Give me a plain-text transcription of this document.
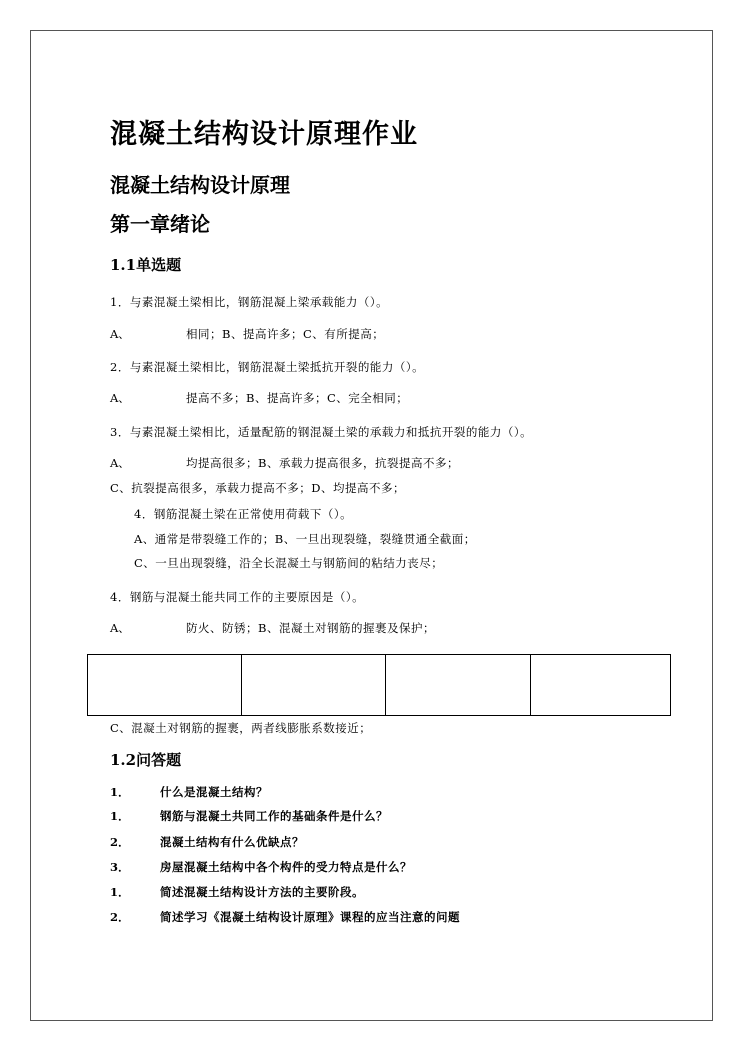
混凝土结构设计原理作业
混凝土结构设计原理
第一章绪论
1.1单选题
1．与素混凝土梁相比，钢筋混凝上梁承载能力（）。
A、	相同；B、提高许多；C、有所提高；
2．与素混凝土梁相比，钢筋混凝土梁抵抗开裂的能力（）。
A、	提高不多；B、提高许多；C、完全相同；
3．与素混凝土梁相比，适量配筋的钢混凝土梁的承载力和抵抗开裂的能力（）。
A、	均提高很多；B、承载力提高很多，抗裂提高不多；
C、抗裂提高很多，承载力提高不多；D、均提高不多；
4．钢筋混凝土梁在正常使用荷载下（）。
A、通常是带裂缝工作的；B、一旦出现裂缝，裂缝贯通全截面；
C、一旦出现裂缝，沿全长混凝土与钢筋间的粘结力丧尽；
4．钢筋与混凝土能共同工作的主要原因是（）。
A、	防火、防锈；B、混凝土对钢筋的握裹及保护；

C、混凝土对钢筋的握裹，两者线膨胀系数接近；
1.2问答题
1．	什么是混凝土结构？
1．	钢筋与混凝土共同工作的基础条件是什么？
2．	混凝土结构有什么优缺点？
3．	房屋混凝土结构中各个构件的受力特点是什么？
1．	简述混凝土结构设计方法的主要阶段。
2．	简述学习《混凝土结构设计原理》课程的应当注意的问题
